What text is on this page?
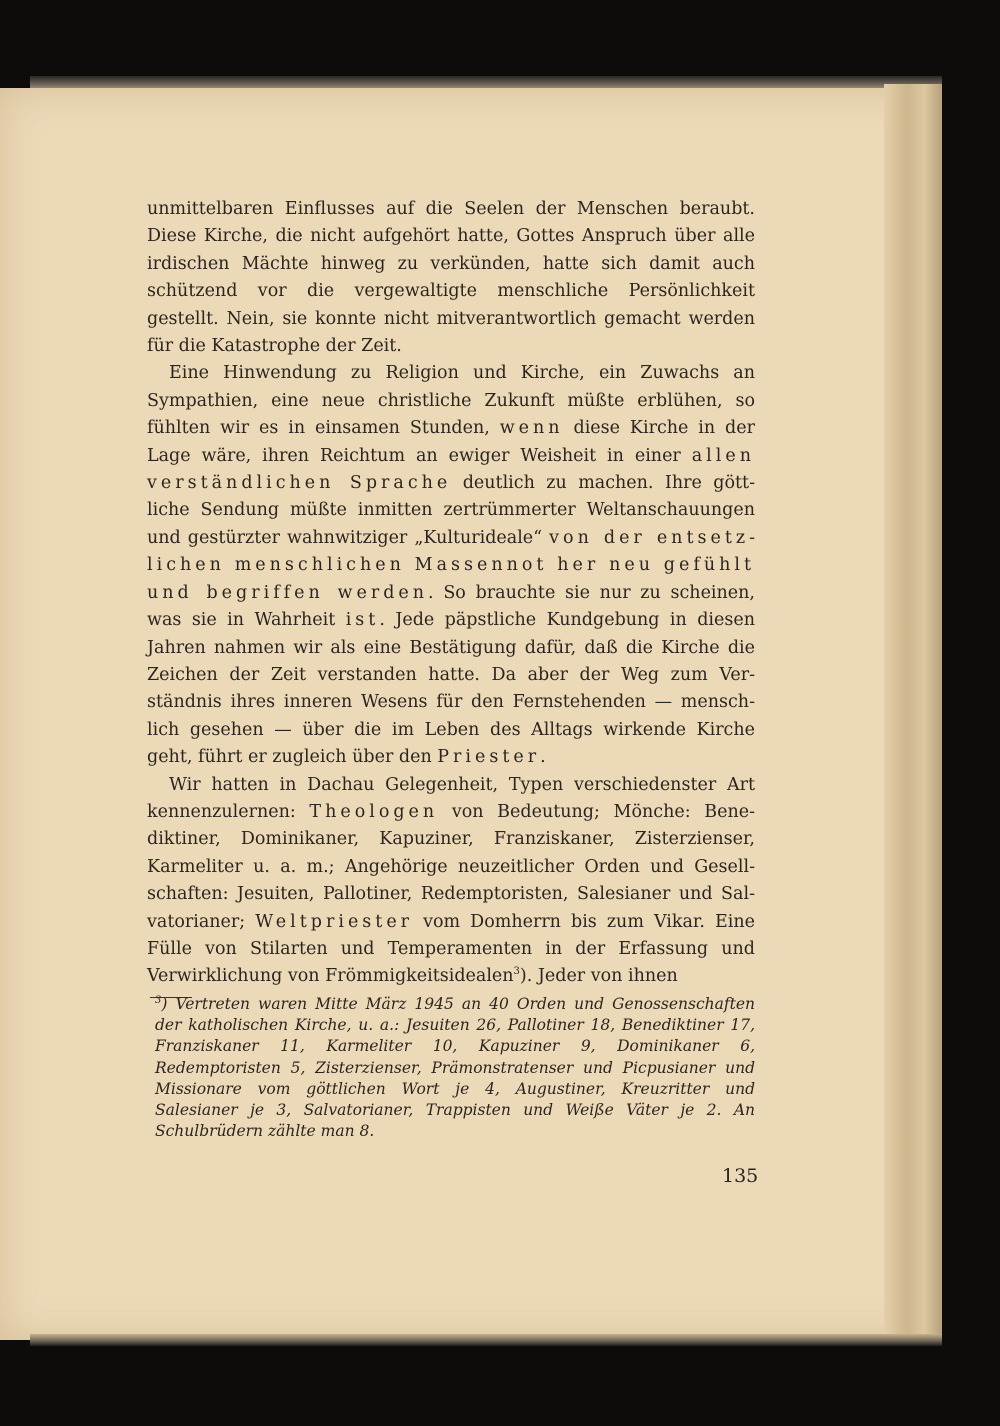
unmittelbaren Einflusses auf die Seelen der Menschen beraubt. Diese Kirche, die nicht aufgehört hatte, Gottes Anspruch über alle irdischen Mächte hinweg zu verkünden, hatte sich damit auch schützend vor die vergewaltigte menschliche Persönlichkeit gestellt. Nein, sie konnte nicht mitverantwortlich gemacht werden für die Katastrophe der Zeit.

Eine Hinwendung zu Religion und Kirche, ein Zuwachs an Sympathien, eine neue christliche Zukunft müßte erblühen, so fühlten wir es in einsamen Stunden, wenn diese Kirche in der Lage wäre, ihren Reichtum an ewiger Weisheit in einer allen verständlichen Sprache deutlich zu machen. Ihre göttliche Sendung müßte inmitten zertrümmerter Weltanschauungen und gestürzter wahnwitziger „Kulturideale“ von der entsetzlichen menschlichen Massennot her neu gefühlt und begriffen werden. So brauchte sie nur zu scheinen, was sie in Wahrheit ist. Jede päpstliche Kundgebung in diesen Jahren nahmen wir als eine Bestätigung dafür, daß die Kirche die Zeichen der Zeit verstanden hatte. Da aber der Weg zum Verständnis ihres inneren Wesens für den Fernstehenden — menschlich gesehen — über die im Leben des Alltags wirkende Kirche geht, führt er zugleich über den Priester.

Wir hatten in Dachau Gelegenheit, Typen verschiedenster Art kennenzulernen: Theologen von Bedeutung; Mönche: Benediktiner, Dominikaner, Kapuziner, Franziskaner, Zisterzienser, Karmeliter u. a. m.; Angehörige neuzeitlicher Orden und Gesellschaften: Jesuiten, Pallotiner, Redemptoristen, Salesianer und Salvatorianer; Weltpriester vom Domherrn bis zum Vikar. Eine Fülle von Stilarten und Temperamenten in der Erfassung und Verwirklichung von Frömmigkeitsidealen$^3$). Jeder von ihnen

$^3$) Vertreten waren Mitte März 1945 an 40 Orden und Genossenschaften der katholischen Kirche, u. a.: Jesuiten 26, Pallotiner 18, Benediktiner 17, Franziskaner 11, Karmeliter 10, Kapuziner 9, Dominikaner 6, Redemptoristen 5, Zisterzienser, Prämonstratenser und Picpusianer und Missionare vom göttlichen Wort je 4, Augustiner, Kreuzritter und Salesianer je 3, Salvatorianer, Trappisten und Weiße Väter je 2. An Schulbrüdern zählte man 8.
135
